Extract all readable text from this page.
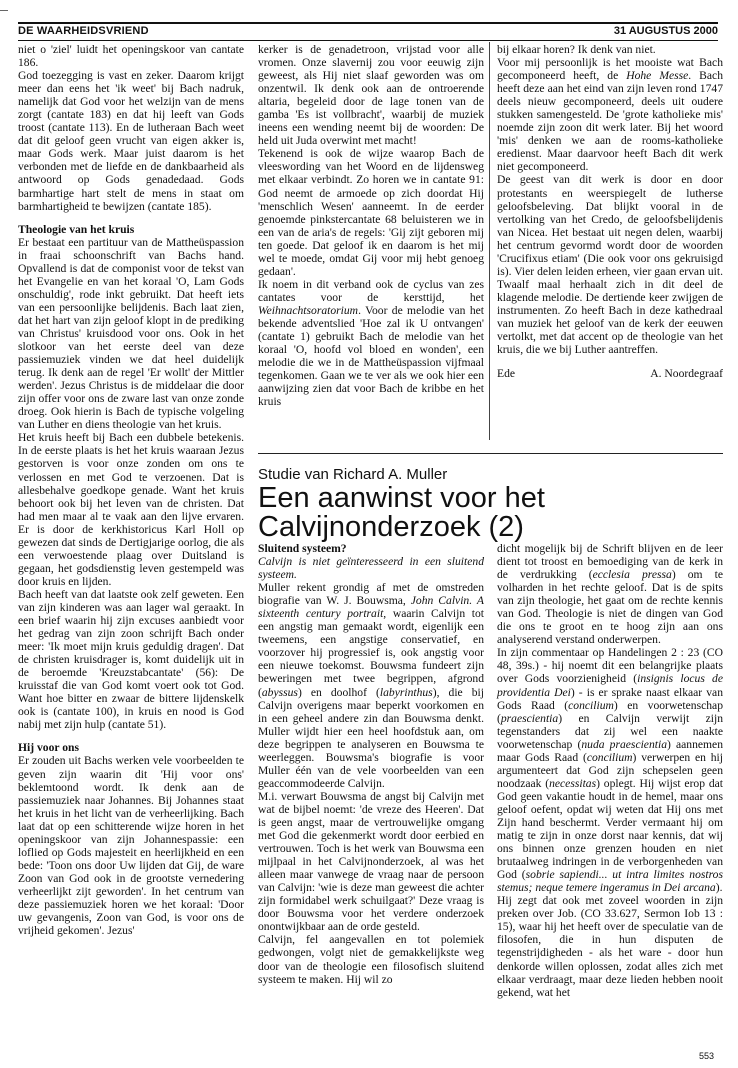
DE WAARHEIDSVRIEND	31 AUGUSTUS 2000

niet o 'ziel' luidt het openingskoor van cantate 186.

God toezegging is vast en zeker. Daarom krijgt meer dan eens het 'ik weet' bij Bach nadruk, namelijk dat God voor het welzijn van de mens zorgt (cantate 183) en dat hij leeft van Gods troost (cantate 113). En de lutheraan Bach weet dat dit geloof geen vrucht van eigen akker is, maar Gods werk. Maar juist daarom is het verbonden met de liefde en de dankbaarheid als antwoord op Gods genadedaad. Gods barmhartige hart stelt de mens in staat om barmhartigheid te bewijzen (cantate 185).

Theologie van het kruis

Er bestaat een partituur van de Mattheüspassion in fraai schoonschrift van Bachs hand. Opvallend is dat de componist voor de tekst van het Evangelie en van het koraal 'O, Lam Gods onschuldig', rode inkt gebruikt. Dat heeft iets van een persoonlijke belijdenis. Bach laat zien, dat het hart van zijn geloof klopt in de prediking van Christus' kruisdood voor ons. Ook in het slotkoor van het eerste deel van deze passiemuziek vinden we dat heel duidelijk terug. Ik denk aan de regel 'Er wollt' der Mittler werden'. Jezus Christus is de middelaar die door zijn offer voor ons de zware last van onze zonde droeg. Ook hierin is Bach de typische volgeling van Luther en diens theologie van het kruis.

Het kruis heeft bij Bach een dubbele betekenis. In de eerste plaats is het het kruis waaraan Jezus gestorven is voor onze zonden om ons te verlossen en met God te verzoenen. Dat is allesbehalve goedkope genade. Want het kruis behoort ook bij het leven van de christen. Dat had men maar al te vaak aan den lijve ervaren. Er is door de kerkhistoricus Karl Holl op gewezen dat sinds de Dertigjarige oorlog, die als een verwoestende plaag over Duitsland is gegaan, het godsdienstig leven gestempeld was door kruis en lijden.

Bach heeft van dat laatste ook zelf geweten. Een van zijn kinderen was aan lager wal geraakt. In een brief waarin hij zijn excuses aanbiedt voor het gedrag van zijn zoon schrijft Bach onder meer: 'Ik moet mijn kruis geduldig dragen'. Dat de christen kruisdrager is, komt duidelijk uit in de beroemde 'Kreuzstabcantate' (56): De kruisstaf die van God komt voert ook tot God. Want hoe bitter en zwaar de bittere lijdenskelk ook is (cantate 100), in kruis en nood is God nabij met zijn hulp (cantate 51).

Hij voor ons

Er zouden uit Bachs werken vele voorbeelden te geven zijn waarin dit 'Hij voor ons' beklemtoond wordt. Ik denk aan de passiemuziek naar Johannes. Bij Johannes staat het kruis in het licht van de verheerlijking. Bach laat dat op een schitterende wijze horen in het openingskoor van zijn Johannespassie: een loflied op Gods majesteit en heerlijkheid en een bede: 'Toon ons door Uw lijden dat Gij, de ware Zoon van God ook in de grootste vernedering verheerlijkt zijt geworden'. In het centrum van deze passiemuziek horen we het koraal: 'Door uw gevangenis, Zoon van God, is voor ons de vrijheid gekomen'. Jezus'

kerker is de genadetroon, vrijstad voor alle vromen. Onze slavernij zou voor eeuwig zijn geweest, als Hij niet slaaf geworden was om onzentwil. Ik denk ook aan de ontroerende altaria, begeleid door de lage tonen van de gamba 'Es ist vollbracht', waarbij de muziek ineens een wending neemt bij de woorden: De held uit Juda overwint met macht!

Tekenend is ook de wijze waarop Bach de vleeswording van het Woord en de lijdensweg met elkaar verbindt. Zo horen we in cantate 91: God neemt de armoede op zich doordat Hij 'menschlich Wesen' aanneemt. In de eerder genoemde pinkstercantate 68 beluisteren we in een van de aria's de regels: 'Gij zijt geboren mij ten goede. Dat geloof ik en daarom is het mij wel te moede, omdat Gij voor mij hebt genoeg gedaan'.

Ik noem in dit verband ook de cyclus van zes cantates voor de kersttijd, het Weihnachtsoratorium. Voor de melodie van het bekende adventslied 'Hoe zal ik U ontvangen' (cantate 1) gebruikt Bach de melodie van het koraal 'O, hoofd vol bloed en wonden', een melodie die we in de Mattheüspassion vijfmaal tegenkomen. Gaan we te ver als we ook hier een aanwijzing zien dat voor Bach de kribbe en het kruis

bij elkaar horen? Ik denk van niet.

Voor mij persoonlijk is het mooiste wat Bach gecomponeerd heeft, de Hohe Messe. Bach heeft deze aan het eind van zijn leven rond 1747 deels nieuw gecomponeerd, deels uit oudere stukken samengesteld. De 'grote katholieke mis' noemde zijn zoon dit werk later. Bij het woord 'mis' denken we aan de rooms-katholieke eredienst. Maar daarvoor heeft Bach dit werk niet gecomponeerd.

De geest van dit werk is door en door protestants en weerspiegelt de lutherse geloofsbeleving. Dat blijkt vooral in de vertolking van het Credo, de geloofsbelijdenis van Nicea. Het bestaat uit negen delen, waarbij het centrum gevormd wordt door de woorden 'Crucifixus etiam' (Die ook voor ons gekruisigd is). Vier delen leiden erheen, vier gaan ervan uit. Twaalf maal herhaalt zich in dit deel de klagende melodie. De dertiende keer zwijgen de instrumenten. Zo heeft Bach in deze kathedraal van muziek het geloof van de kerk der eeuwen vertolkt, met dat accent op de theologie van het kruis, die we bij Luther aantreffen.

Ede	A. Noordegraaf
Studie van Richard A. Muller
Een aanwinst voor het
Calvijnonderzoek (2)
Sluitend systeem?

Calvijn is niet geïnteresseerd in een sluitend systeem.

Muller rekent grondig af met de omstreden biografie van W. J. Bouwsma, John Calvin. A sixteenth century portrait, waarin Calvijn tot een angstig man gemaakt wordt, eigenlijk een tweemens, een angstige conservatief, en voorzover hij progressief is, ook angstig voor een nieuwe toekomst. Bouwsma fundeert zijn beweringen met twee begrippen, afgrond (abyssus) en doolhof (labyrinthus), die bij Calvijn overigens maar beperkt voorkomen en in een geheel andere zin dan Bouwsma denkt. Muller wijdt hier een heel hoofdstuk aan, om deze begrippen te analyseren en Bouwsma te weerleggen. Bouwsma's biografie is voor Muller één van de vele voorbeelden van een geaccommodeerde Calvijn.

M.i. verwart Bouwsma de angst bij Calvijn met wat de bijbel noemt: 'de vreze des Heeren'. Dat is geen angst, maar de vertrouwelijke omgang met God die gekenmerkt wordt door eerbied en vertrouwen. Toch is het werk van Bouwsma een mijlpaal in het Calvijnonderzoek, al was het alleen maar vanwege de vraag naar de persoon van Calvijn: 'wie is deze man geweest die achter zijn formidabel werk schuilgaat?' Deze vraag is door Bouwsma voor het verdere onderzoek onontwijkbaar aan de orde gesteld.

Calvijn, fel aangevallen en tot polemiek gedwongen, volgt niet de gemakkelijkste weg door van de theologie een filosofisch sluitend systeem te maken. Hij wil zo

dicht mogelijk bij de Schrift blijven en de leer dient tot troost en bemoediging van de kerk in de verdrukking (ecclesia pressa) om te volharden in het rechte geloof. Dat is de spits van zijn theologie, het gaat om de rechte kennis van God. Theologie is niet de dingen van God die ons te groot en te hoog zijn aan ons analyserend verstand onderwerpen.

In zijn commentaar op Handelingen 2 : 23 (CO 48, 39s.) - hij noemt dit een belangrijke plaats over Gods voorzienigheid (insignis locus de providentia Dei) - is er sprake naast elkaar van Gods Raad (concilium) en voorwetenschap (praescientia) en Calvijn verwijt zijn tegenstanders dat zij wel een naakte voorwetenschap (nuda praescientia) aannemen maar Gods Raad (concilium) verwerpen en hij argumenteert dat God zijn schepselen geen noodzaak (necessitas) oplegt. Hij wijst erop dat God geen vakantie houdt in de hemel, maar ons geloof oefent, opdat wij weten dat Hij ons met Zijn hand beschermt. Verder vermaant hij om matig te zijn in onze dorst naar kennis, dat wij ons binnen onze grenzen houden en niet brutaalweg indringen in de verborgenheden van God (sobrie sapiendi... ut intra limites nostros stemus; neque temere ingeramus in Dei arcana).

Hij zegt dat ook met zoveel woorden in zijn preken over Job. (CO 33.627, Sermon Iob 13 : 15), waar hij het heeft over de speculatie van de filosofen, die in hun disputen de tegenstrijdigheden - als het ware - door hun denkorde willen oplossen, zodat alles zich met elkaar verdraagt, maar deze lieden hebben nooit gekend, wat het

553
